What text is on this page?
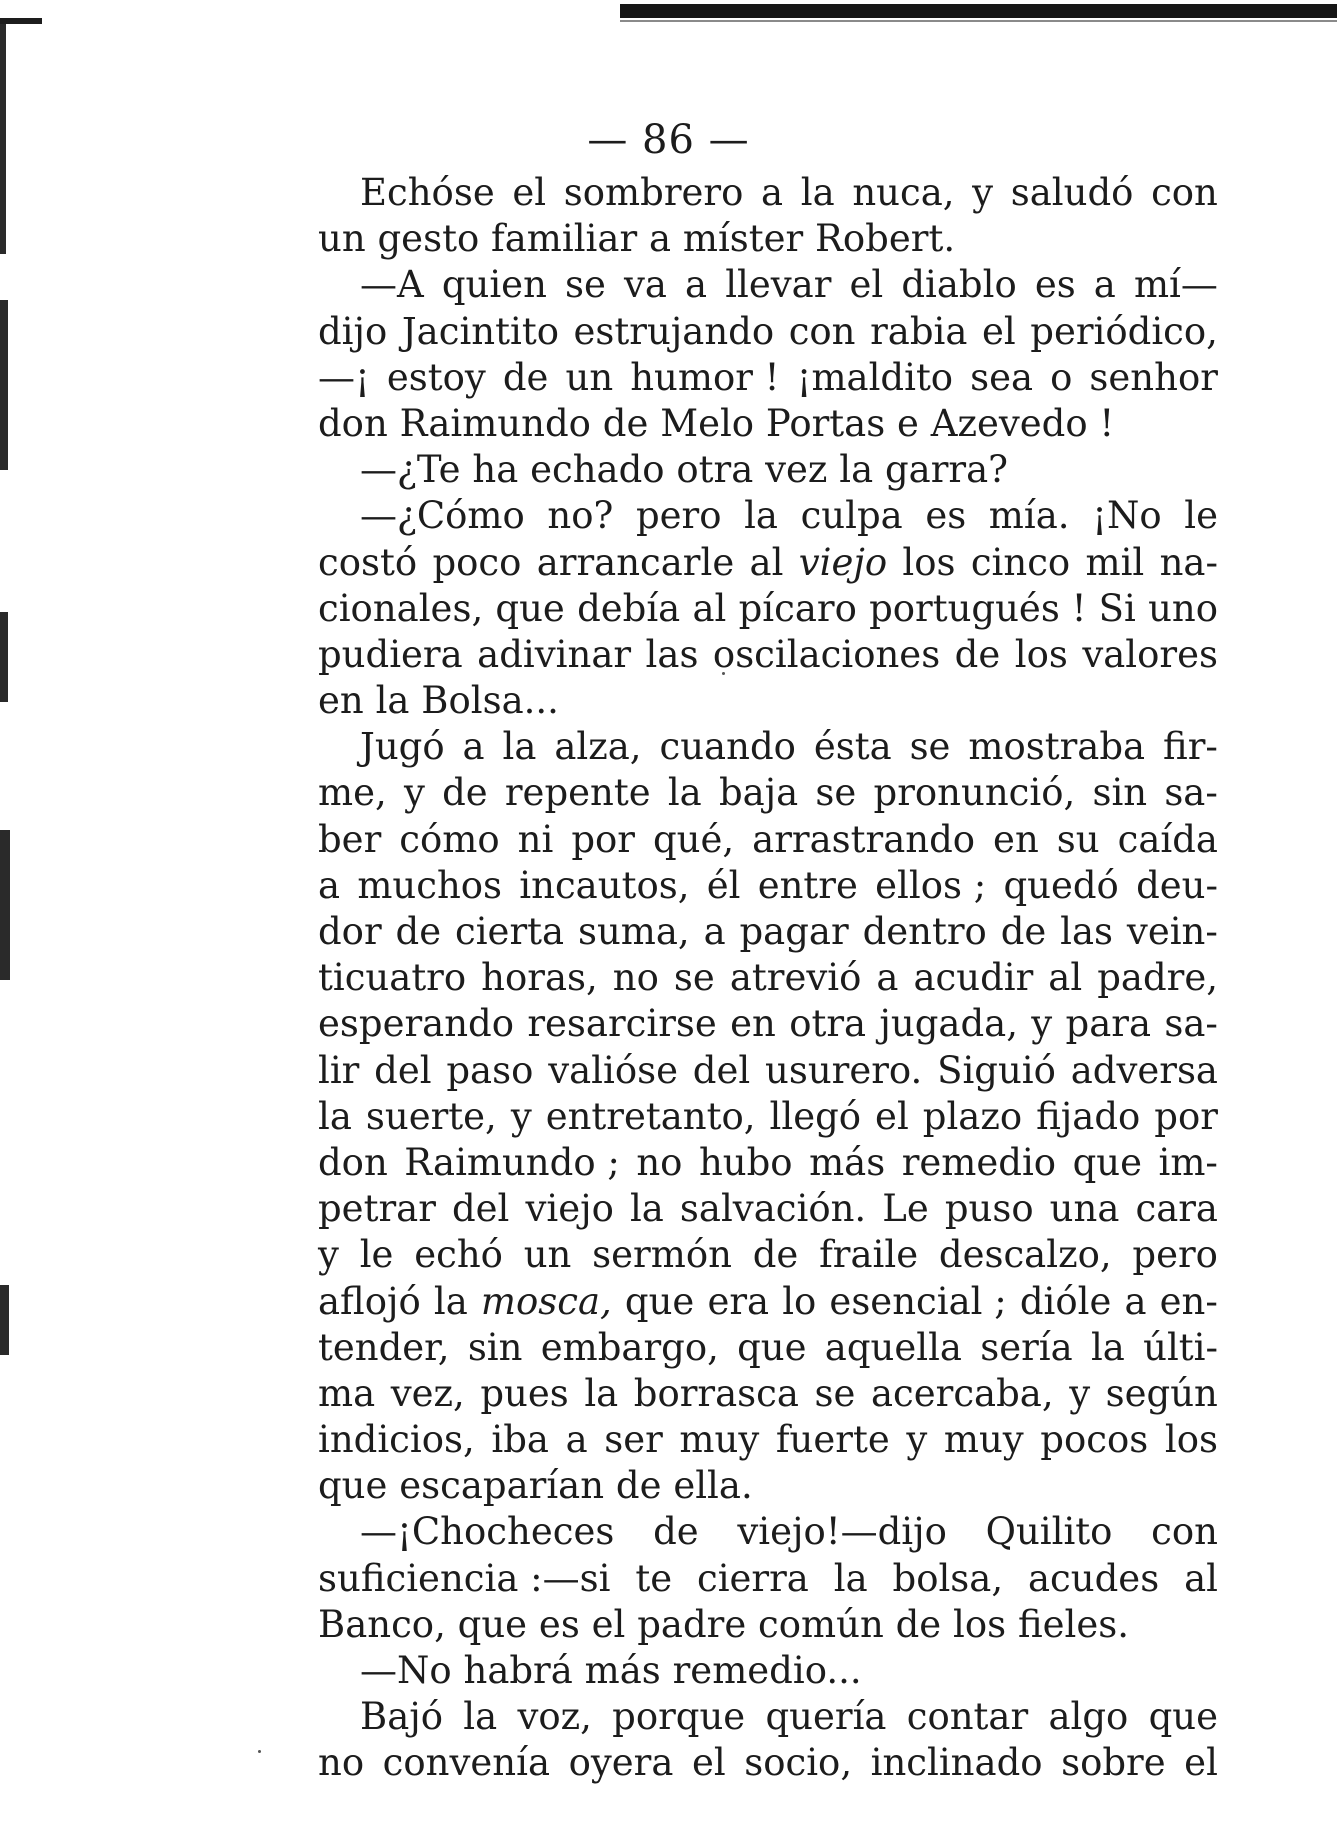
— 86 —
Echóse el sombrero a la nuca, y saludó con
un gesto familiar a míster Robert.
—A quien se va a llevar el diablo es a mí—
dijo Jacintito estrujando con rabia el periódico,
—¡ estoy de un humor ! ¡maldito sea o senhor
don Raimundo de Melo Portas e Azevedo !
—¿Te ha echado otra vez la garra?
—¿Cómo no? pero la culpa es mía. ¡No le
costó poco arrancarle al viejo los cinco mil na-
cionales, que debía al pícaro portugués ! Si uno
pudiera adivinar las oscilaciones de los valores
en la Bolsa...
Jugó a la alza, cuando ésta se mostraba fir-
me, y de repente la baja se pronunció, sin sa-
ber cómo ni por qué, arrastrando en su caída
a muchos incautos, él entre ellos ; quedó deu-
dor de cierta suma, a pagar dentro de las vein-
ticuatro horas, no se atrevió a acudir al padre,
esperando resarcirse en otra jugada, y para sa-
lir del paso valióse del usurero. Siguió adversa
la suerte, y entretanto, llegó el plazo fijado por
don Raimundo ; no hubo más remedio que im-
petrar del viejo la salvación. Le puso una cara
y le echó un sermón de fraile descalzo, pero
aflojó la mosca, que era lo esencial ; dióle a en-
tender, sin embargo, que aquella sería la últi-
ma vez, pues la borrasca se acercaba, y según
indicios, iba a ser muy fuerte y muy pocos los
que escaparían de ella.
—¡Chocheces de viejo!—dijo Quilito con
suficiencia :—si te cierra la bolsa, acudes al
Banco, que es el padre común de los fieles.
—No habrá más remedio...
Bajó la voz, porque quería contar algo que
no convenía oyera el socio, inclinado sobre el
